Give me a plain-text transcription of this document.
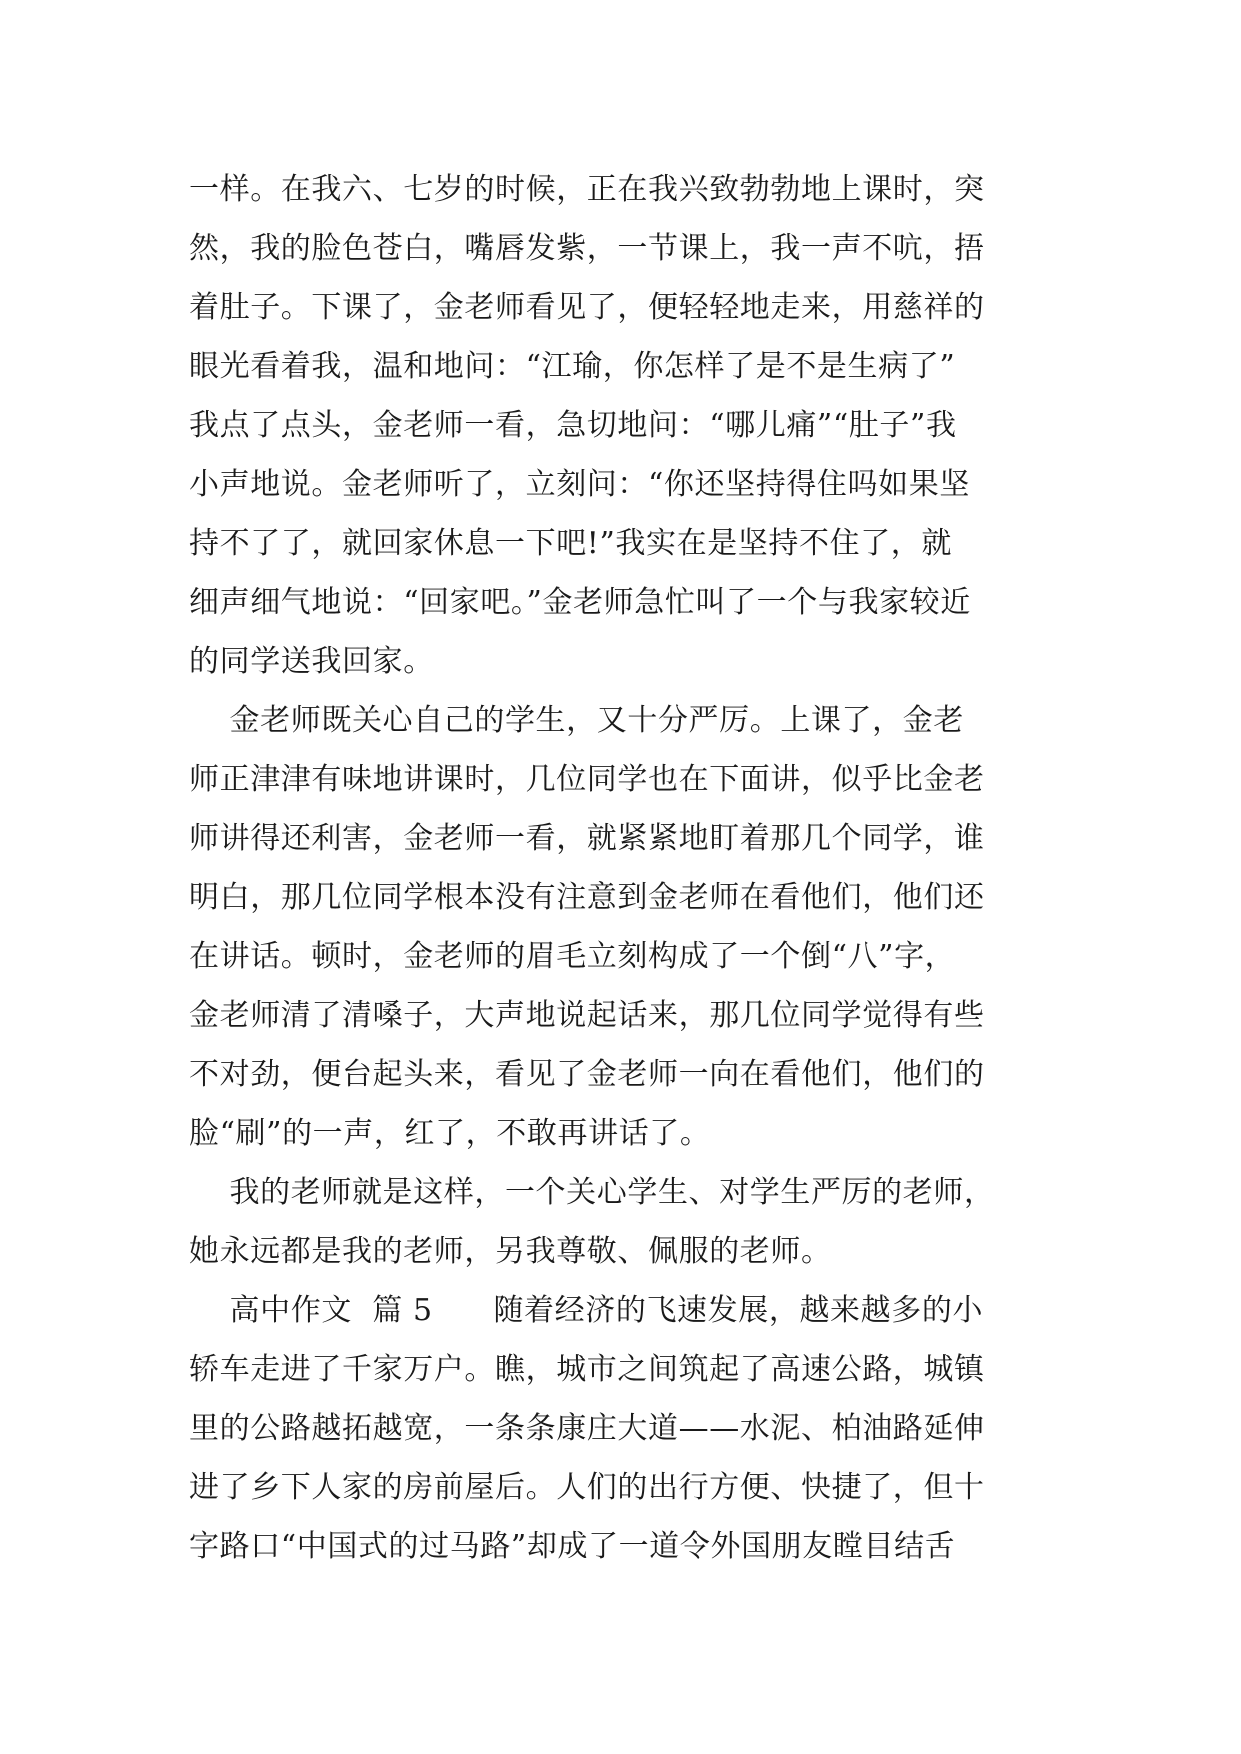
一样。在我六、七岁的时候，正在我兴致勃勃地上课时，突
然，我的脸色苍白，嘴唇发紫，一节课上，我一声不吭，捂
着肚子。下课了，金老师看见了，便轻轻地走来，用慈祥的
眼光看着我，温和地问：“江瑜，你怎样了是不是生病了”
我点了点头，金老师一看，急切地问：“哪儿痛”“肚子”我
小声地说。金老师听了，立刻问：“你还坚持得住吗如果坚
持不了了，就回家休息一下吧!”我实在是坚持不住了，就
细声细气地说：“回家吧。”金老师急忙叫了一个与我家较近
的同学送我回家。
金老师既关心自己的学生，又十分严厉。上课了，金老
师正津津有味地讲课时，几位同学也在下面讲，似乎比金老
师讲得还利害，金老师一看，就紧紧地盯着那几个同学，谁
明白，那几位同学根本没有注意到金老师在看他们，他们还
在讲话。顿时，金老师的眉毛立刻构成了一个倒“八”字，
金老师清了清嗓子，大声地说起话来，那几位同学觉得有些
不对劲，便台起头来，看见了金老师一向在看他们，他们的
脸“刷”的一声，红了，不敢再讲话了。
我的老师就是这样，一个关心学生、对学生严厉的老师，
她永远都是我的老师，另我尊敬、佩服的老师。
高中作文  篇 5      随着经济的飞速发展，越来越多的小
轿车走进了千家万户。瞧，城市之间筑起了高速公路，城镇
里的公路越拓越宽，一条条康庄大道——水泥、柏油路延伸
进了乡下人家的房前屋后。人们的出行方便、快捷了，但十
字路口“中国式的过马路”却成了一道令外国朋友瞠目结舌
